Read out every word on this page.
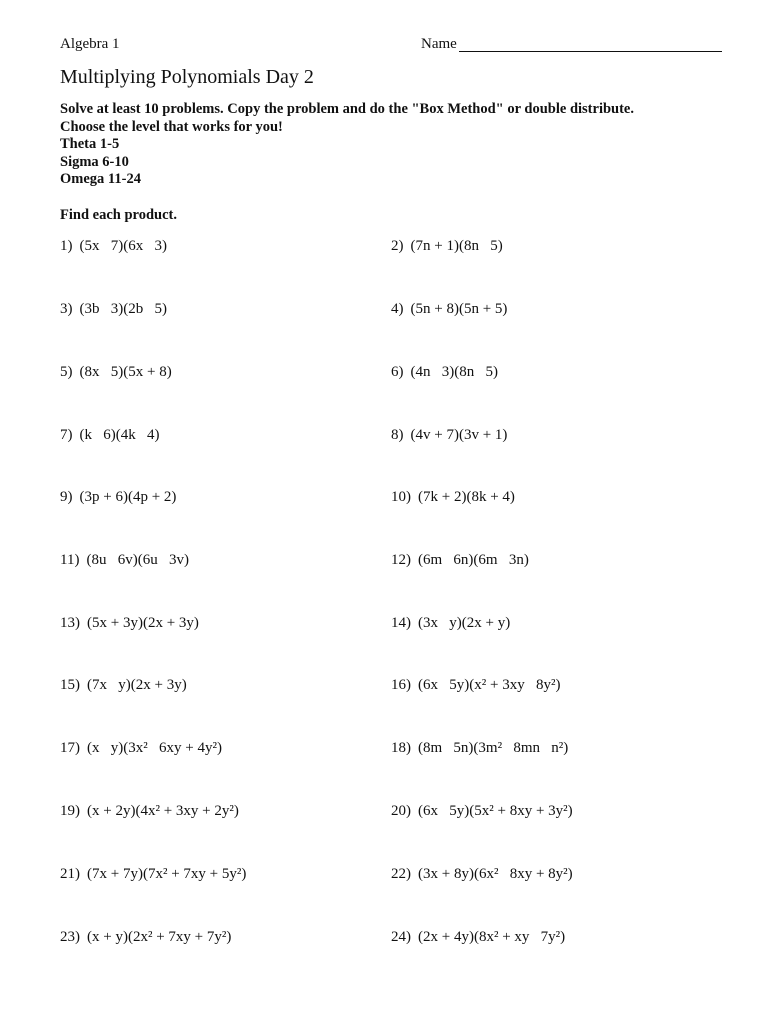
Algebra 1	Name
Multiplying Polynomials Day 2
Solve at least 10 problems. Copy the problem and do the "Box Method" or double distribute.
Choose the level that works for you!
Theta 1-5
Sigma 6-10
Omega 11-24
Find each product.
1) (5x   7)(6x   3)	2) (7n + 1)(8n   5)
3) (3b   3)(2b   5)	4) (5n + 8)(5n + 5)
5) (8x   5)(5x + 8)	6) (4n   3)(8n   5)
7) (k   6)(4k   4)	8) (4v + 7)(3v + 1)
9) (3p + 6)(4p + 2)	10) (7k + 2)(8k + 4)
11) (8u   6v)(6u   3v)	12) (6m   6n)(6m   3n)
13) (5x + 3y)(2x + 3y)	14) (3x   y)(2x + y)
15) (7x   y)(2x + 3y)	16) (6x   5y)(x² + 3xy   8y²)
17) (x   y)(3x²   6xy + 4y²)	18) (8m   5n)(3m²   8mn   n²)
19) (x + 2y)(4x² + 3xy + 2y²)	20) (6x   5y)(5x² + 8xy + 3y²)
21) (7x + 7y)(7x² + 7xy + 5y²)	22) (3x + 8y)(6x²   8xy + 8y²)
23) (x + y)(2x² + 7xy + 7y²)	24) (2x + 4y)(8x² + xy   7y²)
